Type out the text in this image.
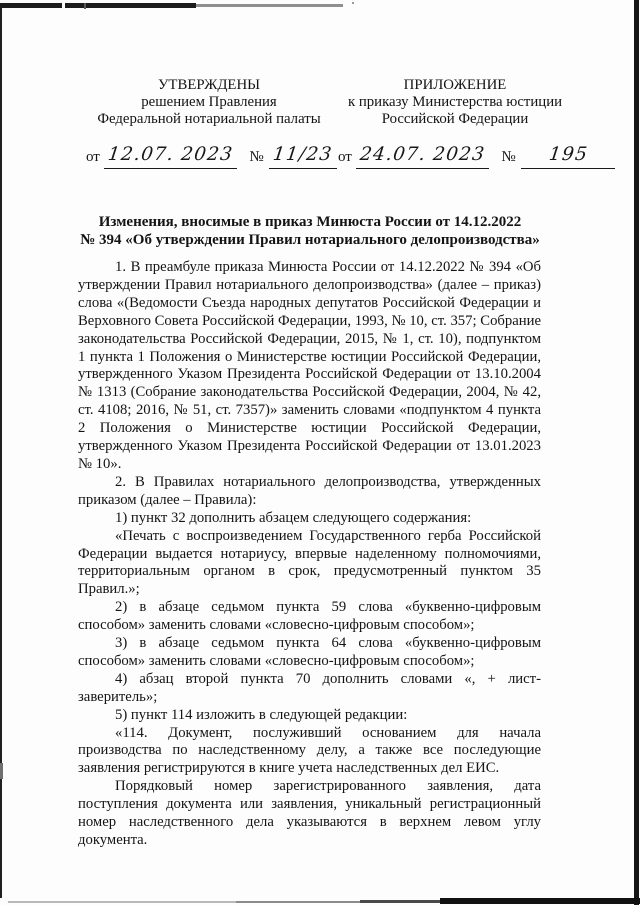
УТВЕРЖДЕНЫ
решением Правления
Федеральной нотариальной палаты
ПРИЛОЖЕНИЕ
к приказу Министерства юстиции
Российской Федерации
от 12.07. 2023 № 11/23 от 24.07. 2023 № 195
Изменения, вносимые в приказ Минюста России от 14.12.2022
№ 394 «Об утверждении Правил нотариального делопроизводства»

1. В преамбуле приказа Минюста России от 14.12.2022 № 394 «Об утверждении Правил нотариального делопроизводства» (далее – приказ) слова «(Ведомости Съезда народных депутатов Российской Федерации и Верховного Совета Российской Федерации, 1993, № 10, ст. 357; Собрание законодательства Российской Федерации, 2015, № 1, ст. 10), подпунктом 1 пункта 1 Положения о Министерстве юстиции Российской Федерации, утвержденного Указом Президента Российской Федерации от 13.10.2004 № 1313 (Собрание законодательства Российской Федерации, 2004, № 42, ст. 4108; 2016, № 51, ст. 7357)» заменить словами «подпунктом 4 пункта 2 Положения о Министерстве юстиции Российской Федерации, утвержденного Указом Президента Российской Федерации от 13.01.2023 № 10».

2. В Правилах нотариального делопроизводства, утвержденных приказом (далее – Правила):

1) пункт 32 дополнить абзацем следующего содержания:

«Печать с воспроизведением Государственного герба Российской Федерации выдается нотариусу, впервые наделенному полномочиями, территориальным органом в срок, предусмотренный пунктом 35 Правил.»;

2) в абзаце седьмом пункта 59 слова «буквенно-цифровым способом» заменить словами «словесно-цифровым способом»;

3) в абзаце седьмом пункта 64 слова «буквенно-цифровым способом» заменить словами «словесно-цифровым способом»;

4) абзац второй пункта 70 дополнить словами «, + лист-заверитель»;

5) пункт 114 изложить в следующей редакции:

«114. Документ, послуживший основанием для начала производства по наследственному делу, а также все последующие заявления регистрируются в книге учета наследственных дел ЕИС.

Порядковый номер зарегистрированного заявления, дата поступления документа или заявления, уникальный регистрационный номер наследственного дела указываются в верхнем левом углу документа.
